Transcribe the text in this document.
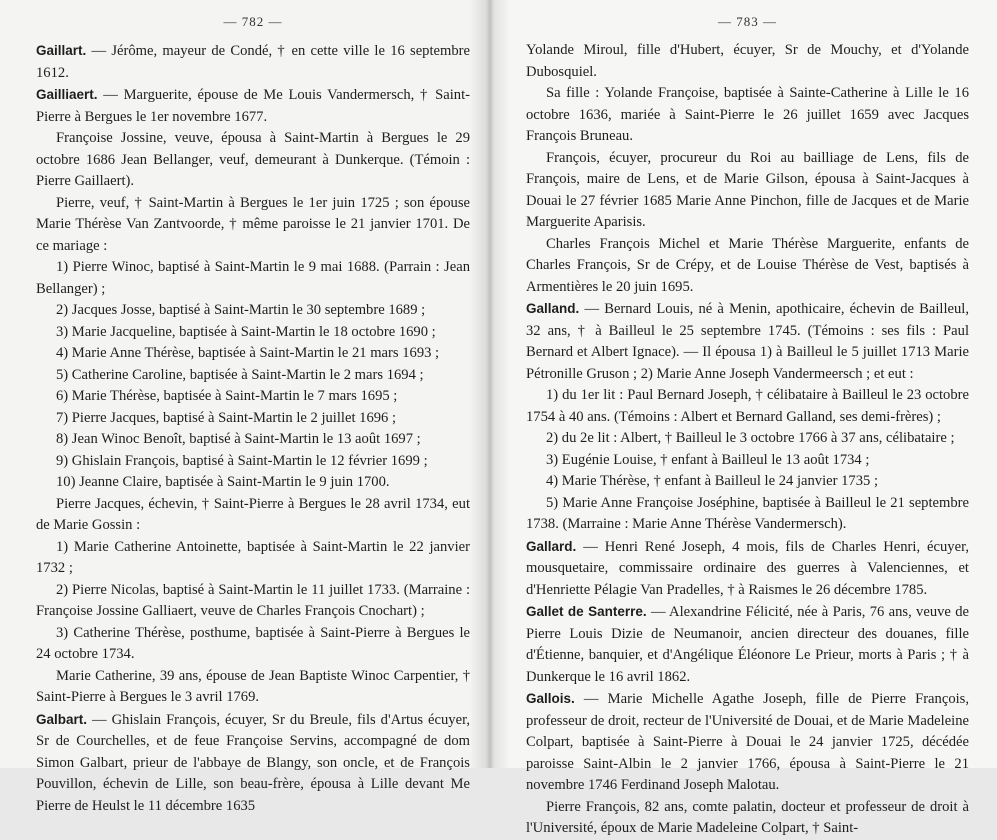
— 782 —

Gaillart. — Jérôme, mayeur de Condé, † en cette ville le 16 septembre 1612.

Gailliaert. — Marguerite, épouse de Me Louis Vandermersch, † Saint-Pierre à Bergues le 1er novembre 1677.

Françoise Jossine, veuve, épousa à Saint-Martin à Bergues le 29 octobre 1686 Jean Bellanger, veuf, demeurant à Dunkerque. (Témoin : Pierre Gaillaert).

Pierre, veuf, † Saint-Martin à Bergues le 1er juin 1725 ; son épouse Marie Thérèse Van Zantvoorde, † même paroisse le 21 janvier 1701. De ce mariage :

1) Pierre Winoc, baptisé à Saint-Martin le 9 mai 1688. (Parrain : Jean Bellanger) ;

2) Jacques Josse, baptisé à Saint-Martin le 30 septembre 1689 ;

3) Marie Jacqueline, baptisée à Saint-Martin le 18 octobre 1690 ;

4) Marie Anne Thérèse, baptisée à Saint-Martin le 21 mars 1693 ;

5) Catherine Caroline, baptisée à Saint-Martin le 2 mars 1694 ;

6) Marie Thérèse, baptisée à Saint-Martin le 7 mars 1695 ;

7) Pierre Jacques, baptisé à Saint-Martin le 2 juillet 1696 ;

8) Jean Winoc Benoît, baptisé à Saint-Martin le 13 août 1697 ;

9) Ghislain François, baptisé à Saint-Martin le 12 février 1699 ;

10) Jeanne Claire, baptisée à Saint-Martin le 9 juin 1700.

Pierre Jacques, échevin, † Saint-Pierre à Bergues le 28 avril 1734, eut de Marie Gossin :

1) Marie Catherine Antoinette, baptisée à Saint-Martin le 22 janvier 1732 ;

2) Pierre Nicolas, baptisé à Saint-Martin le 11 juillet 1733. (Marraine : Françoise Jossine Galliaert, veuve de Charles François Cnochart) ;

3) Catherine Thérèse, posthume, baptisée à Saint-Pierre à Bergues le 24 octobre 1734.

Marie Catherine, 39 ans, épouse de Jean Baptiste Winoc Carpentier, † Saint-Pierre à Bergues le 3 avril 1769.

Galbart. — Ghislain François, écuyer, Sr du Breule, fils d'Artus écuyer, Sr de Courchelles, et de feue Françoise Servins, accompagné de dom Simon Galbart, prieur de l'abbaye de Blangy, son oncle, et de François Pouvillon, échevin de Lille, son beau-frère, épousa à Lille devant Me Pierre de Heulst le 11 décembre 1635

— 783 —

Yolande Miroul, fille d'Hubert, écuyer, Sr de Mouchy, et d'Yolande Dubosquiel.

Sa fille : Yolande Françoise, baptisée à Sainte-Catherine à Lille le 16 octobre 1636, mariée à Saint-Pierre le 26 juillet 1659 avec Jacques François Bruneau.

François, écuyer, procureur du Roi au bailliage de Lens, fils de François, maire de Lens, et de Marie Gilson, épousa à Saint-Jacques à Douai le 27 février 1685 Marie Anne Pinchon, fille de Jacques et de Marie Marguerite Aparisis.

Charles François Michel et Marie Thérèse Marguerite, enfants de Charles François, Sr de Crépy, et de Louise Thérèse de Vest, baptisés à Armentières le 20 juin 1695.

Galland. — Bernard Louis, né à Menin, apothicaire, échevin de Bailleul, 32 ans, † à Bailleul le 25 septembre 1745. (Témoins : ses fils : Paul Bernard et Albert Ignace). — Il épousa 1) à Bailleul le 5 juillet 1713 Marie Pétronille Gruson ; 2) Marie Anne Joseph Vandermeersch ; et eut :

1) du 1er lit : Paul Bernard Joseph, † célibataire à Bailleul le 23 octobre 1754 à 40 ans. (Témoins : Albert et Bernard Galland, ses demi-frères) ;

2) du 2e lit : Albert, † Bailleul le 3 octobre 1766 à 37 ans, célibataire ;

3) Eugénie Louise, † enfant à Bailleul le 13 août 1734 ;

4) Marie Thérèse, † enfant à Bailleul le 24 janvier 1735 ;

5) Marie Anne Françoise Joséphine, baptisée à Bailleul le 21 septembre 1738. (Marraine : Marie Anne Thérèse Vandermersch).

Gallard. — Henri René Joseph, 4 mois, fils de Charles Henri, écuyer, mousquetaire, commissaire ordinaire des guerres à Valenciennes, et d'Henriette Pélagie Van Pradelles, † à Raismes le 26 décembre 1785.

Gallet de Santerre. — Alexandrine Félicité, née à Paris, 76 ans, veuve de Pierre Louis Dizie de Neumanoir, ancien directeur des douanes, fille d'Étienne, banquier, et d'Angélique Éléonore Le Prieur, morts à Paris ; † à Dunkerque le 16 avril 1862.

Gallois. — Marie Michelle Agathe Joseph, fille de Pierre François, professeur de droit, recteur de l'Université de Douai, et de Marie Madeleine Colpart, baptisée à Saint-Pierre à Douai le 24 janvier 1725, décédée paroisse Saint-Albin le 2 janvier 1766, épousa à Saint-Pierre le 21 novembre 1746 Ferdinand Joseph Malotau.

Pierre François, 82 ans, comte palatin, docteur et professeur de droit à l'Université, époux de Marie Madeleine Colpart, † Saint-
